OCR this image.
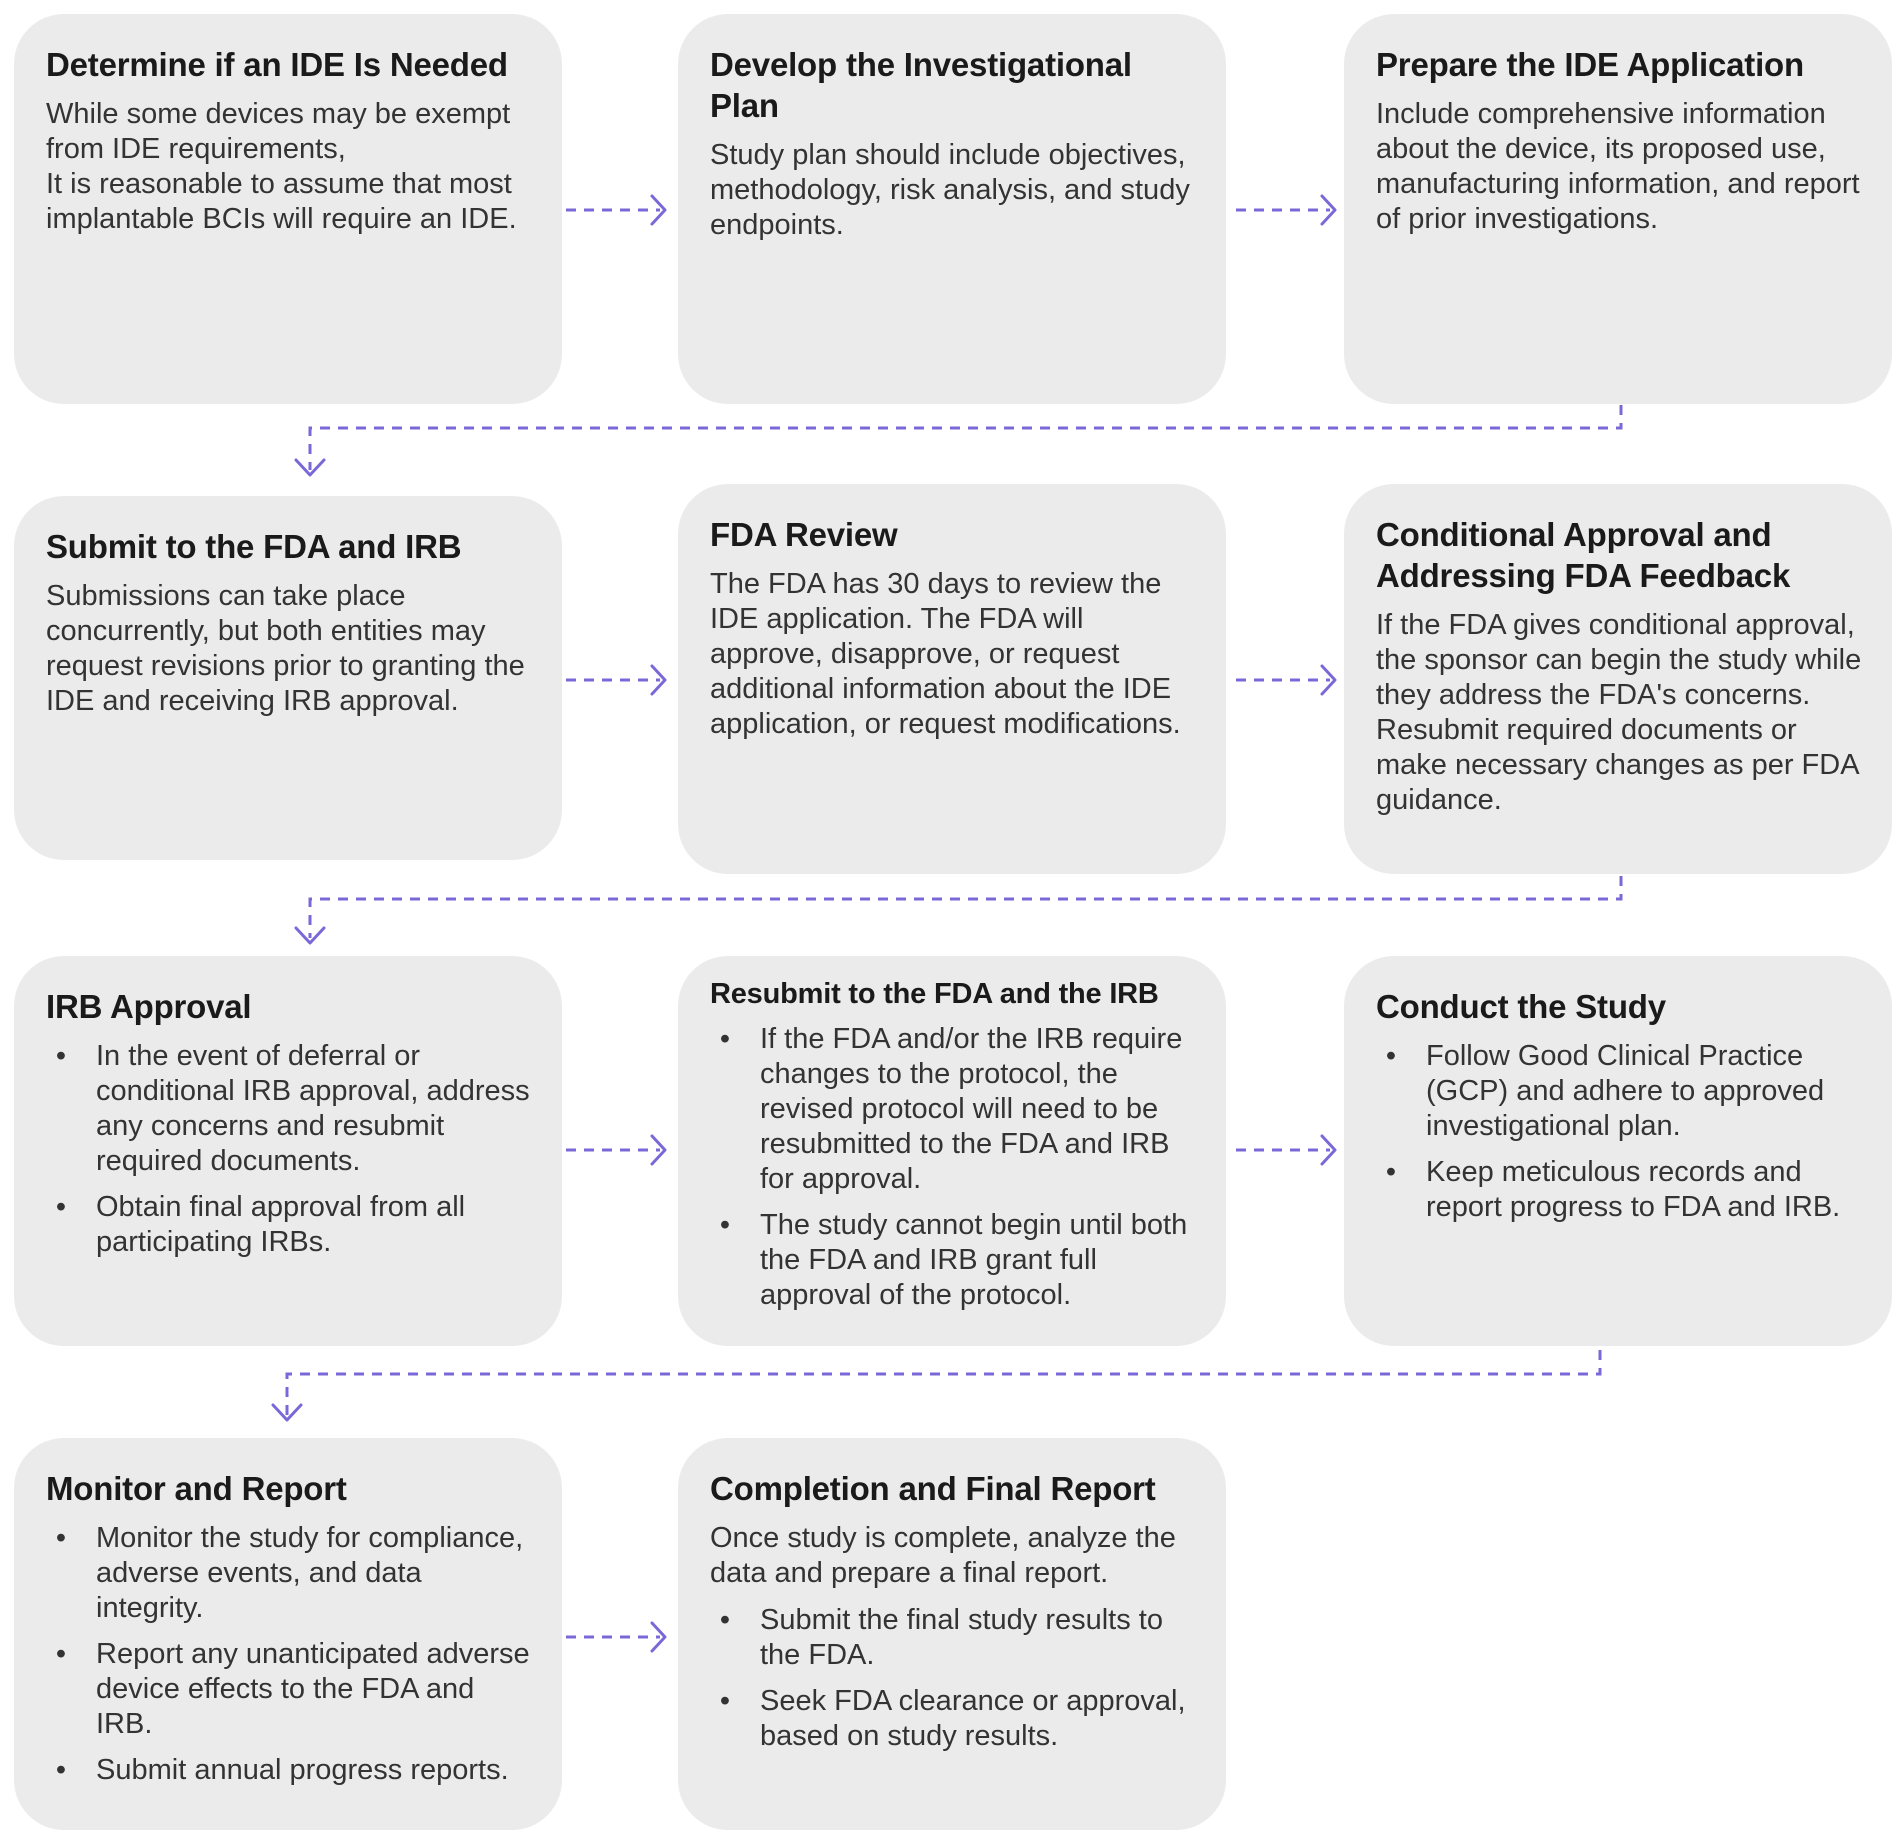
Determine if an IDE Is Needed

While some devices may be exempt from IDE requirements,
It is reasonable to assume that most implantable BCIs will require an IDE.

Develop the Investigational Plan

Study plan should include objectives, methodology, risk analysis, and study endpoints.

Prepare the IDE Application

Include comprehensive information about the device, its proposed use, manufacturing information, and report of prior investigations.

Submit to the FDA and IRB

Submissions can take place concurrently, but both entities may request revisions prior to granting the IDE and receiving IRB approval.

FDA Review

The FDA has 30 days to review the IDE application. The FDA will approve, disapprove, or request additional information about the IDE application, or request modifications.

Conditional Approval and Addressing FDA Feedback

If the FDA gives conditional approval, the sponsor can begin the study while they address the FDA's concerns. Resubmit required documents or make necessary changes as per FDA guidance.

IRB Approval
•	In the event of deferral or conditional IRB approval, address any concerns and resubmit required documents.
•	Obtain final approval from all participating IRBs.
Resubmit to the FDA and the IRB
•	If the FDA and/or the IRB require changes to the protocol, the revised protocol will need to be resubmitted to the FDA and IRB for approval.
•	The study cannot begin until both the FDA and IRB grant full approval of the protocol.
Conduct the Study
•	Follow Good Clinical Practice (GCP) and adhere to approved investigational plan.
•	Keep meticulous records and report progress to FDA and IRB.
Monitor and Report
•	Monitor the study for compliance, adverse events, and data integrity.
•	Report any unanticipated adverse device effects to the FDA and IRB.
•	Submit annual progress reports.
Completion and Final Report

Once study is complete, analyze the data and prepare a final report.

•	Submit the final study results to the FDA.
•	Seek FDA clearance or approval, based on study results.
